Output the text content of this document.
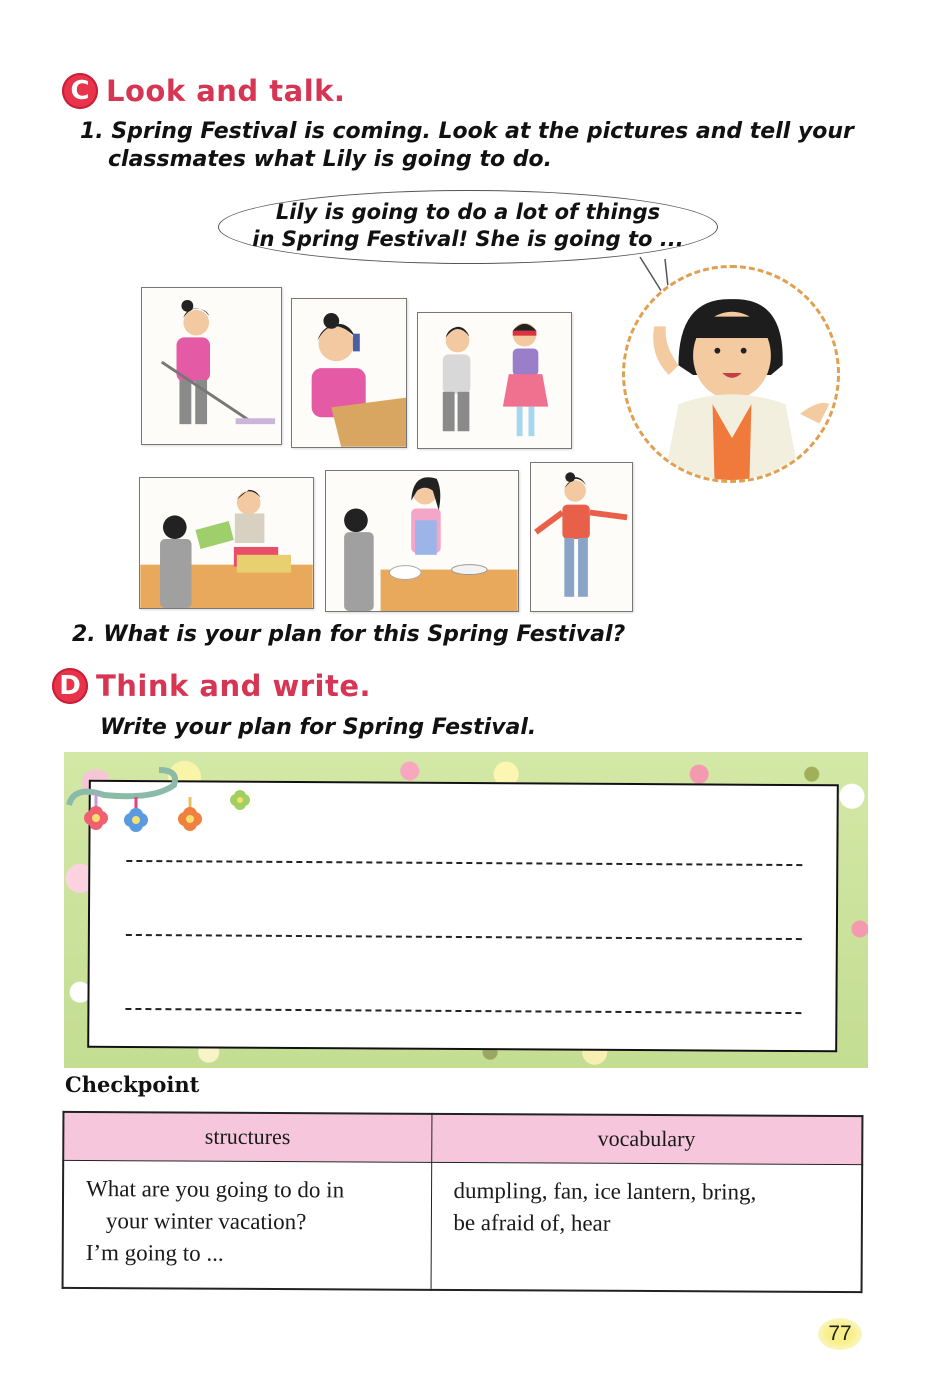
C Look and talk.
1. Spring Festival is coming. Look at the pictures and tell your
classmates what Lily is going to do.
Lily is going to do a lot of things
in Spring Festival! She is going to ...
2. What is your plan for this Spring Festival?
D Think and write.
Write your plan for Spring Festival.
Checkpoint
structures	vocabulary

What are you going to do in
your winter vacation?
I’m going to ...	dumpling, fan, ice lantern, bring,
be afraid of, hear
77
